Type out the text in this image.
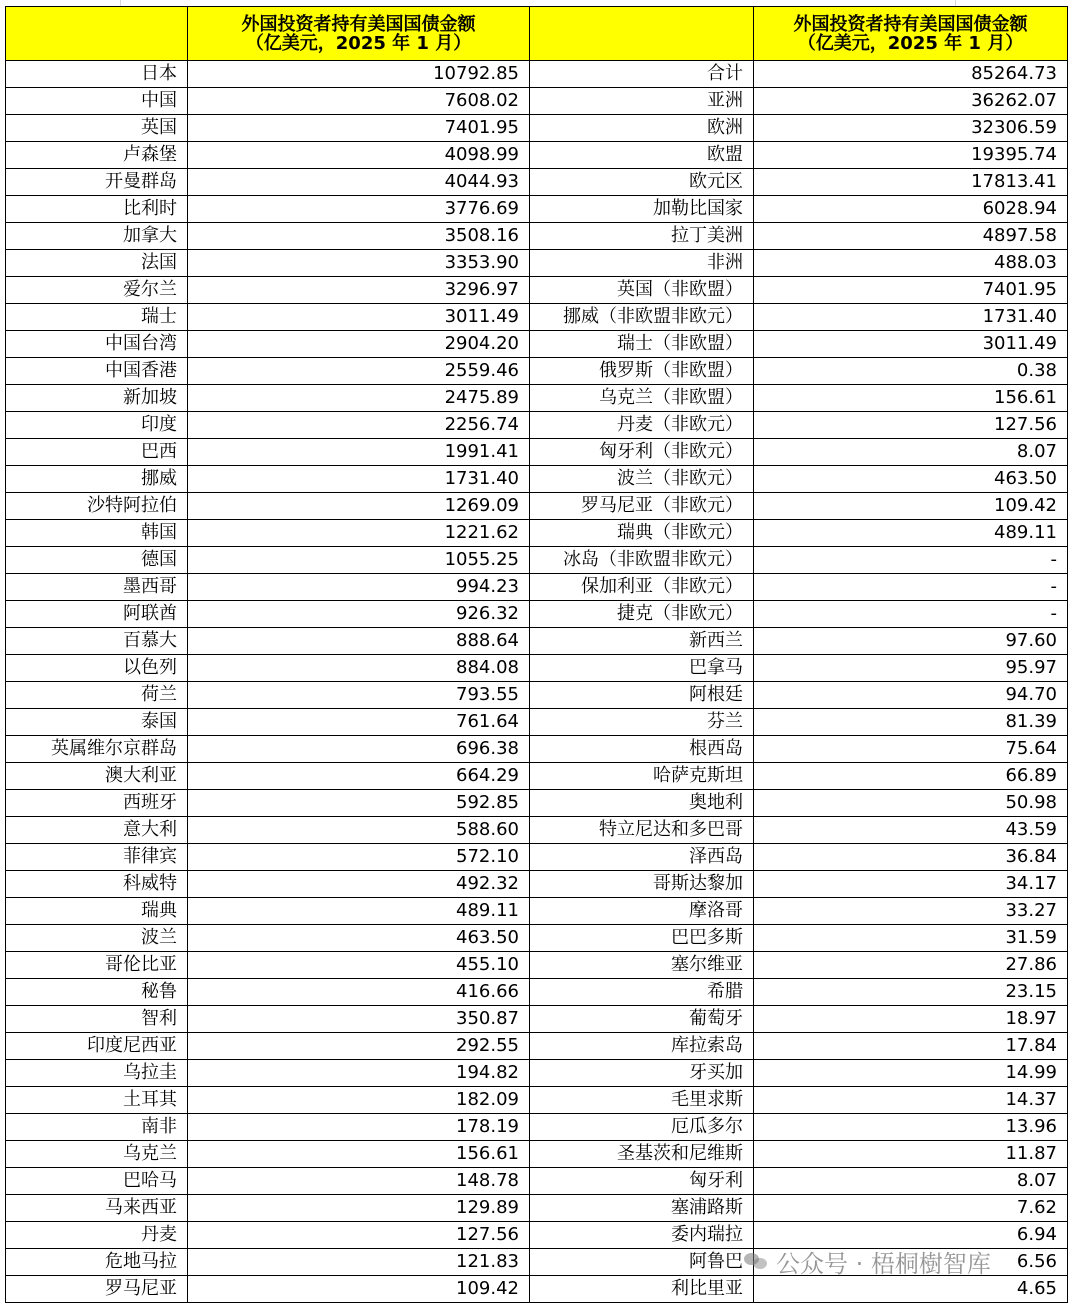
	外国投资者持有美国国债金额
（亿美元，2025 年 1 月）		外国投资者持有美国国债金额
（亿美元，2025 年 1 月）

日本	10792.85	合计	85264.73
中国	7608.02	亚洲	36262.07
英国	7401.95	欧洲	32306.59
卢森堡	4098.99	欧盟	19395.74
开曼群岛	4044.93	欧元区	17813.41
比利时	3776.69	加勒比国家	6028.94
加拿大	3508.16	拉丁美洲	4897.58
法国	3353.90	非洲	488.03
爱尔兰	3296.97	英国（非欧盟）	7401.95
瑞士	3011.49	挪威（非欧盟非欧元）	1731.40
中国台湾	2904.20	瑞士（非欧盟）	3011.49
中国香港	2559.46	俄罗斯（非欧盟）	0.38
新加坡	2475.89	乌克兰（非欧盟）	156.61
印度	2256.74	丹麦（非欧元）	127.56
巴西	1991.41	匈牙利（非欧元）	8.07
挪威	1731.40	波兰（非欧元）	463.50
沙特阿拉伯	1269.09	罗马尼亚（非欧元）	109.42
韩国	1221.62	瑞典（非欧元）	489.11
德国	1055.25	冰岛（非欧盟非欧元）	-
墨西哥	994.23	保加利亚（非欧元）	-
阿联酋	926.32	捷克（非欧元）	-
百慕大	888.64	新西兰	97.60
以色列	884.08	巴拿马	95.97
荷兰	793.55	阿根廷	94.70
泰国	761.64	芬兰	81.39
英属维尔京群岛	696.38	根西岛	75.64
澳大利亚	664.29	哈萨克斯坦	66.89
西班牙	592.85	奥地利	50.98
意大利	588.60	特立尼达和多巴哥	43.59
菲律宾	572.10	泽西岛	36.84
科威特	492.32	哥斯达黎加	34.17
瑞典	489.11	摩洛哥	33.27
波兰	463.50	巴巴多斯	31.59
哥伦比亚	455.10	塞尔维亚	27.86
秘鲁	416.66	希腊	23.15
智利	350.87	葡萄牙	18.97
印度尼西亚	292.55	库拉索岛	17.84
乌拉圭	194.82	牙买加	14.99
土耳其	182.09	毛里求斯	14.37
南非	178.19	厄瓜多尔	13.96
乌克兰	156.61	圣基茨和尼维斯	11.87
巴哈马	148.78	匈牙利	8.07
马来西亚	129.89	塞浦路斯	7.62
丹麦	127.56	委内瑞拉	6.94
危地马拉	121.83	阿鲁巴	6.56
罗马尼亚	109.42	利比里亚	4.65
公众号 · 梧桐樹智库
